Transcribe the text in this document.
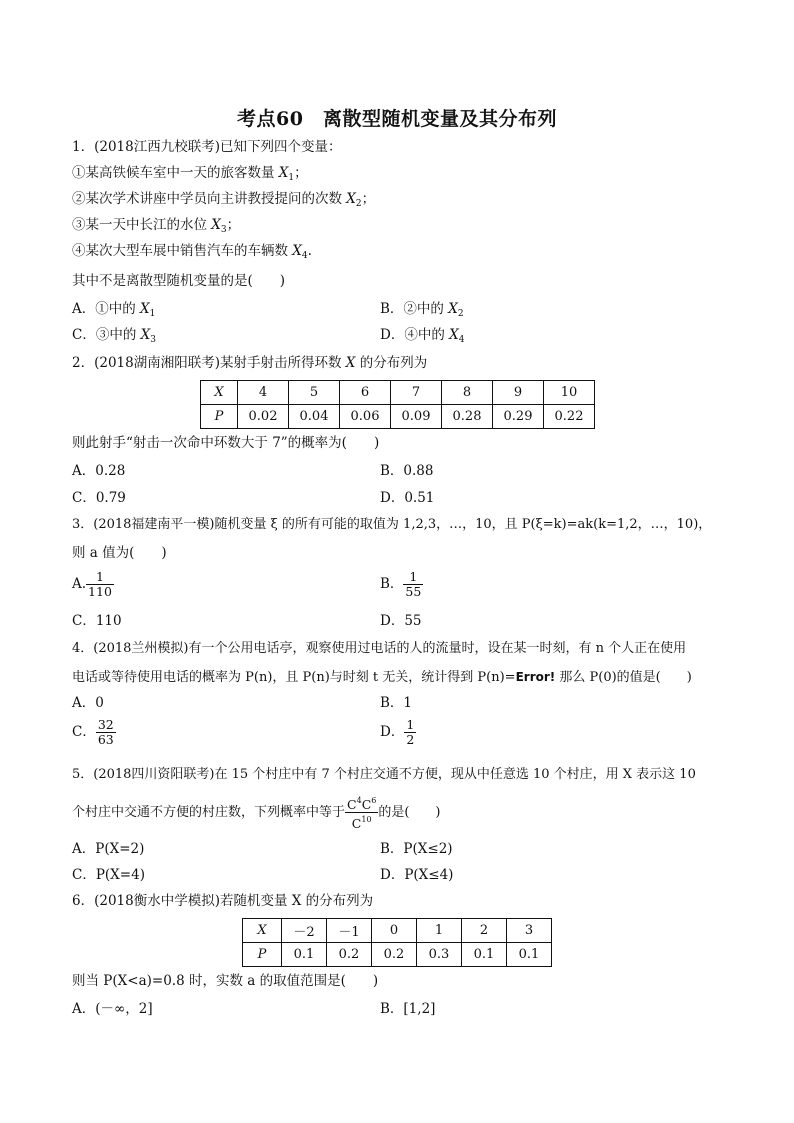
考点60　离散型随机变量及其分布列
1．(2018江西九校联考)已知下列四个变量：
①某高铁候车室中一天的旅客数量 $X_1$；
②某次学术讲座中学员向主讲教授提问的次数 $X_2$；
③某一天中长江的水位 $X_3$；
④某次大型车展中销售汽车的车辆数 $X_4$.
其中不是离散型随机变量的是(　　)
A．①中的 $X_1$	B．②中的 $X_2$
C．③中的 $X_3$	D．④中的 $X_4$
2．(2018湖南湘阳联考)某射手射击所得环数 X 的分布列为
X	4	5	6	7	8	9	10
P	0.02	0.04	0.06	0.09	0.28	0.29	0.22
则此射手“射击一次命中环数大于 7”的概率为(　　)
A．0.28	B．0.88
C．0.79	D．0.51
3．(2018福建南平一模)随机变量 ξ 的所有可能的取值为 1,2,3，…，10，且 P(ξ=k)=ak(k=1,2，…，10)，
则 a 值为(　　)
A. $\frac{1}{110}$	B． $\frac{1}{55}$
C．110	D．55
4．(2018兰州模拟)有一个公用电话亭，观察使用过电话的人的流量时，设在某一时刻，有 n 个人正在使用
电话或等待使用电话的概率为 P(n)，且 P(n)与时刻 t 无关，统计得到 P(n)=Error! 那么 P(0)的值是(　　)
A．0	B．1
C． $\frac{32}{63}$	D． $\frac{1}{2}$
5．(2018四川资阳联考)在 15 个村庄中有 7 个村庄交通不方便，现从中任意选 10 个村庄，用 X 表示这 10
个村庄中交通不方便的村庄数，下列概率中等于 $\frac{C^4C^6}{C^{10}}$ 的是(　　)
A．P(X=2)	B．P(X≤2)
C．P(X=4)	D．P(X≤4)
6．(2018衡水中学模拟)若随机变量 X 的分布列为
X	－2	－1	0	1	2	3
P	0.1	0.2	0.2	0.3	0.1	0.1
则当 P(X<a)=0.8 时，实数 a 的取值范围是(　　)
A．(－∞，2]	B．[1,2]
